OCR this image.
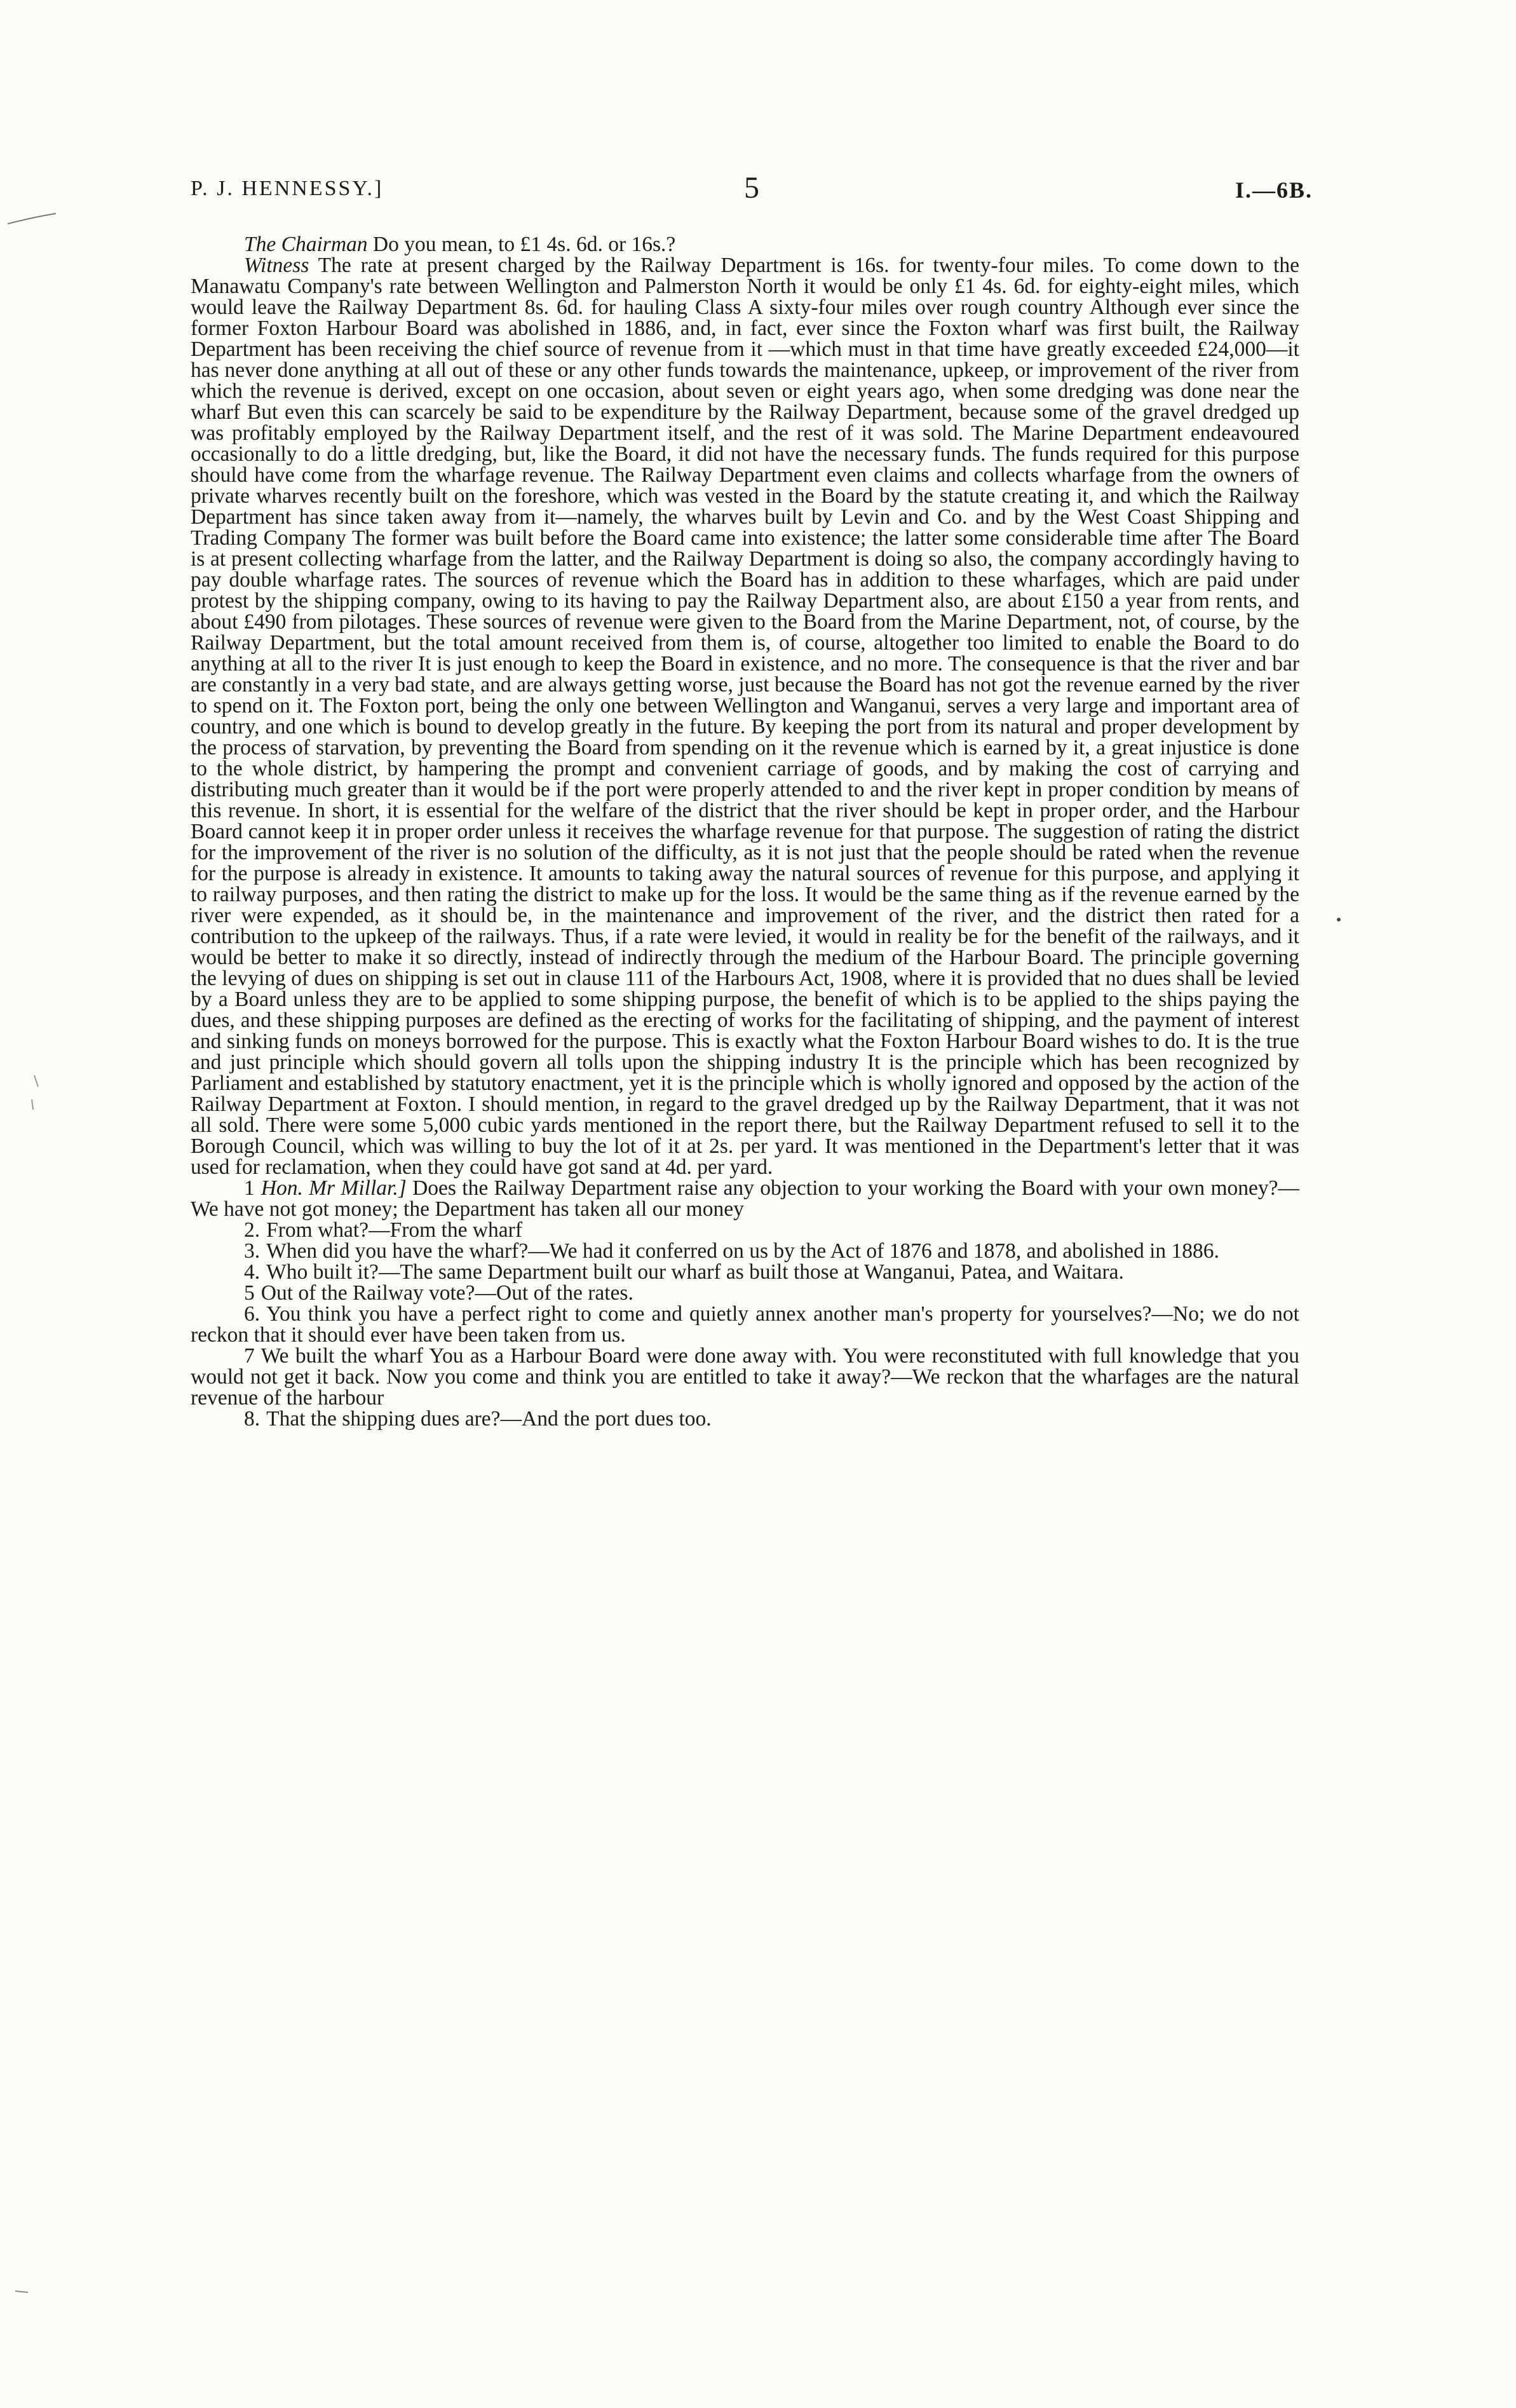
P. J. HENNESSY.]	5	I.—6B.

The Chairman Do you mean, to £1 4s. 6d. or 16s.?

Witness The rate at present charged by the Railway Department is 16s. for twenty-four miles. To come down to the Manawatu Company's rate between Wellington and Palmerston North it would be only £1 4s. 6d. for eighty-eight miles, which would leave the Railway Department 8s. 6d. for hauling Class A sixty-four miles over rough country Although ever since the former Foxton Harbour Board was abolished in 1886, and, in fact, ever since the Foxton wharf was first built, the Railway Department has been receiving the chief source of revenue from it —which must in that time have greatly exceeded £24,000—it has never done anything at all out of these or any other funds towards the maintenance, upkeep, or improvement of the river from which the revenue is derived, except on one occasion, about seven or eight years ago, when some dredging was done near the wharf But even this can scarcely be said to be expenditure by the Railway Department, because some of the gravel dredged up was profitably employed by the Railway Department itself, and the rest of it was sold. The Marine Department endeavoured occasionally to do a little dredging, but, like the Board, it did not have the necessary funds. The funds required for this purpose should have come from the wharfage revenue. The Railway Department even claims and collects wharfage from the owners of private wharves recently built on the foreshore, which was vested in the Board by the statute creating it, and which the Railway Department has since taken away from it—namely, the wharves built by Levin and Co. and by the West Coast Shipping and Trading Company The former was built before the Board came into existence; the latter some considerable time after The Board is at present collecting wharfage from the latter, and the Railway Department is doing so also, the company accordingly having to pay double wharfage rates. The sources of revenue which the Board has in addition to these wharfages, which are paid under protest by the shipping company, owing to its having to pay the Railway Department also, are about £150 a year from rents, and about £490 from pilotages. These sources of revenue were given to the Board from the Marine Department, not, of course, by the Railway Department, but the total amount received from them is, of course, altogether too limited to enable the Board to do anything at all to the river It is just enough to keep the Board in existence, and no more. The consequence is that the river and bar are constantly in a very bad state, and are always getting worse, just because the Board has not got the revenue earned by the river to spend on it. The Foxton port, being the only one between Wellington and Wanganui, serves a very large and important area of country, and one which is bound to develop greatly in the future. By keeping the port from its natural and proper development by the process of starvation, by preventing the Board from spending on it the revenue which is earned by it, a great injustice is done to the whole district, by hampering the prompt and convenient carriage of goods, and by making the cost of carrying and distributing much greater than it would be if the port were properly attended to and the river kept in proper condition by means of this revenue. In short, it is essential for the welfare of the district that the river should be kept in proper order, and the Harbour Board cannot keep it in proper order unless it receives the wharfage revenue for that purpose. The suggestion of rating the district for the improvement of the river is no solution of the difficulty, as it is not just that the people should be rated when the revenue for the purpose is already in existence. It amounts to taking away the natural sources of revenue for this purpose, and applying it to railway purposes, and then rating the district to make up for the loss. It would be the same thing as if the revenue earned by the river were expended, as it should be, in the maintenance and improvement of the river, and the district then rated for a contribution to the upkeep of the railways. Thus, if a rate were levied, it would in reality be for the benefit of the railways, and it would be better to make it so directly, instead of indirectly through the medium of the Harbour Board. The principle governing the levying of dues on shipping is set out in clause 111 of the Harbours Act, 1908, where it is provided that no dues shall be levied by a Board unless they are to be applied to some shipping purpose, the benefit of which is to be applied to the ships paying the dues, and these shipping purposes are defined as the erecting of works for the facilitating of shipping, and the payment of interest and sinking funds on moneys borrowed for the purpose. This is exactly what the Foxton Harbour Board wishes to do. It is the true and just principle which should govern all tolls upon the shipping industry It is the principle which has been recognized by Parliament and established by statutory enactment, yet it is the principle which is wholly ignored and opposed by the action of the Railway Department at Foxton. I should mention, in regard to the gravel dredged up by the Railway Department, that it was not all sold. There were some 5,000 cubic yards mentioned in the report there, but the Railway Department refused to sell it to the Borough Council, which was willing to buy the lot of it at 2s. per yard. It was mentioned in the Department's letter that it was used for reclamation, when they could have got sand at 4d. per yard.

1 Hon. Mr Millar.] Does the Railway Department raise any objection to your working the Board with your own money?—We have not got money; the Department has taken all our money

2. From what?—From the wharf

3. When did you have the wharf?—We had it conferred on us by the Act of 1876 and 1878, and abolished in 1886.

4. Who built it?—The same Department built our wharf as built those at Wanganui, Patea, and Waitara.

5 Out of the Railway vote?—Out of the rates.

6. You think you have a perfect right to come and quietly annex another man's property for yourselves?—No; we do not reckon that it should ever have been taken from us.

7 We built the wharf You as a Harbour Board were done away with. You were reconstituted with full knowledge that you would not get it back. Now you come and think you are entitled to take it away?—We reckon that the wharfages are the natural revenue of the harbour

8. That the shipping dues are?—And the port dues too.
